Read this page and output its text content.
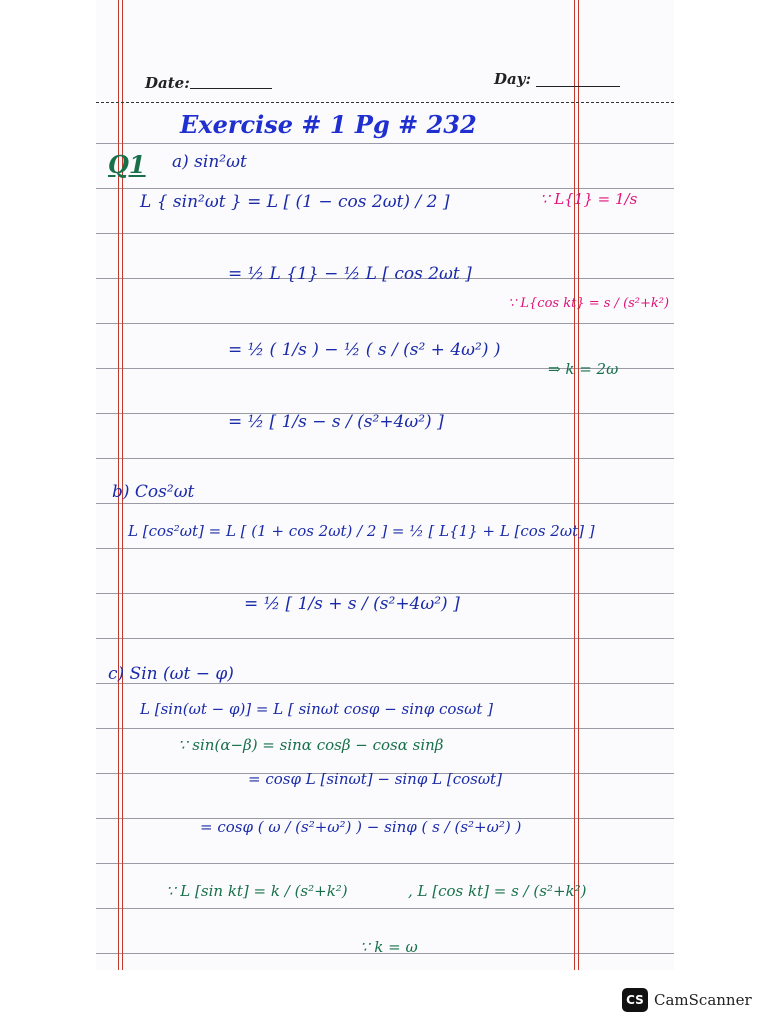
Date:	Day:
Exercise # 1 Pg # 232
Q1 a) sin²ωt
L { sin²ωt } = L [ (1 − cos 2ωt) / 2 ]	∵ L{1} = 1/s
= ½ L {1} − ½ L [ cos 2ωt ]
∵ L{cos kt} = s / (s²+k²)
= ½ ( 1/s ) − ½ ( s / (s² + 4ω²) )
⇒ k = 2ω
= ½ [ 1/s − s / (s²+4ω²) ]
b) Cos²ωt
L [cos²ωt] = L [ (1 + cos 2ωt) / 2 ] = ½ [ L{1} + L [cos 2ωt] ]
= ½ [ 1/s + s / (s²+4ω²) ]
c) Sin (ωt − φ)
L [sin(ωt − φ)] = L [ sinωt cosφ − sinφ cosωt ]
∵ sin(α−β) = sinα cosβ − cosα sinβ
= cosφ L [sinωt] − sinφ L [cosωt]
= cosφ ( ω / (s²+ω²) ) − sinφ ( s / (s²+ω²) )
∵ L [sin kt] = k / (s²+k²)	, L [cos kt] = s / (s²+k²)
∵ k = ω
CS CamScanner
